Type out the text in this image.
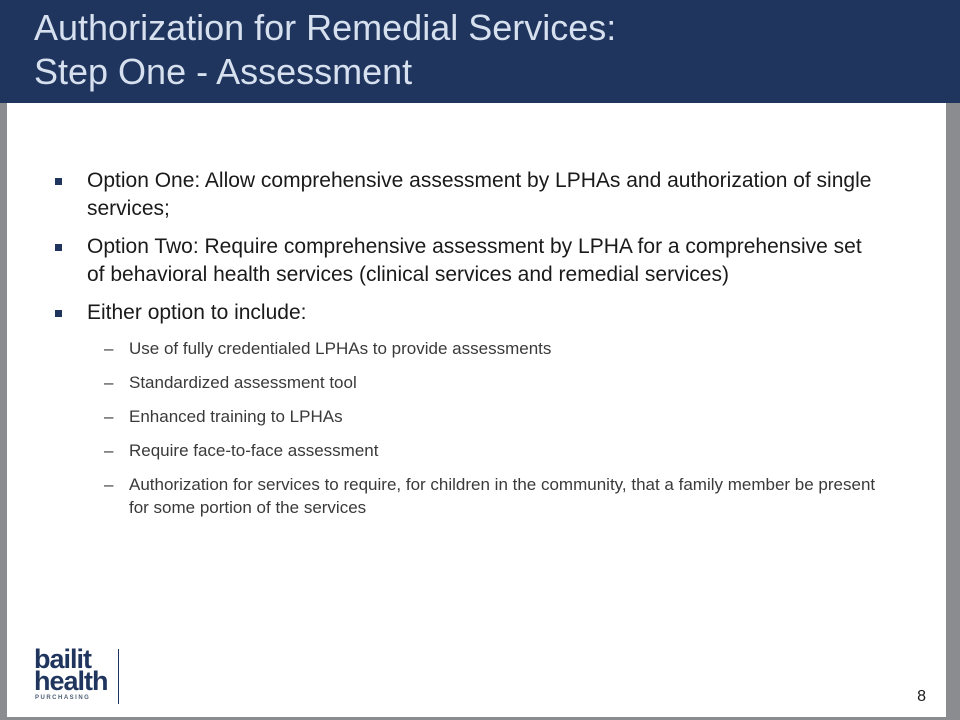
Authorization for Remedial Services:
Step One - Assessment
Option One: Allow comprehensive assessment by LPHAs and authorization of single services;
Option Two: Require comprehensive assessment by LPHA for a comprehensive set of behavioral health services (clinical services and remedial services)
Either option to include:
– Use of fully credentialed LPHAs to provide assessments
– Standardized assessment tool
– Enhanced training to LPHAs
– Require face-to-face assessment
– Authorization for services to require, for children in the community, that a family member be present for some portion of the services
bailit
health
PURCHASING	8
